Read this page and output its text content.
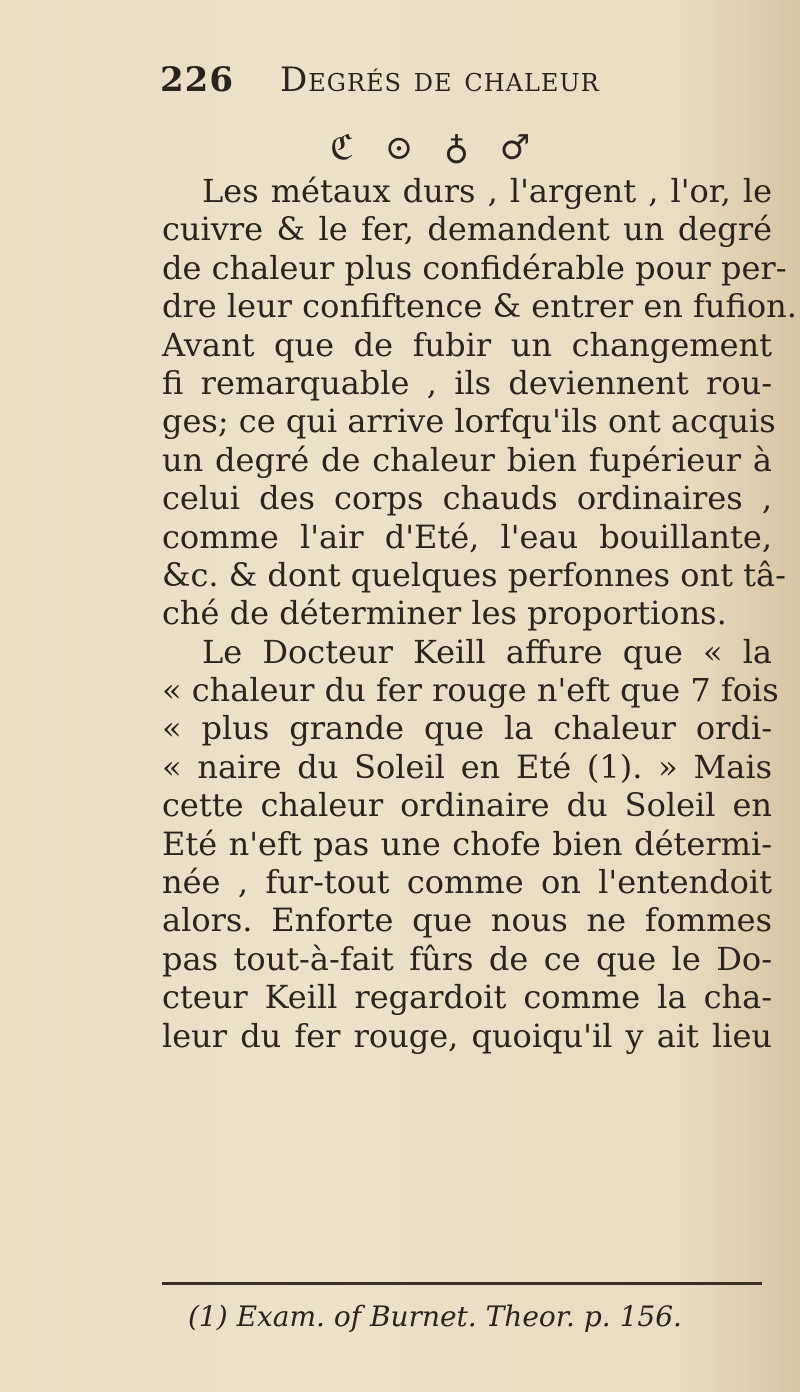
226 Degrés de chaleur
ℭ ⊙ ♁ ♂
Les métaux durs , l'argent , l'or, le
cuivre & le fer, demandent un degré
de chaleur plus confidérable pour per-
dre leur confiftence & entrer en fufion.
Avant que de fubir un changement
fi remarquable , ils deviennent rou-
ges; ce qui arrive lorfqu'ils ont acquis
un degré de chaleur bien fupérieur à
celui des corps chauds ordinaires ,
comme l'air d'Eté, l'eau bouillante,
&c. & dont quelques perfonnes ont tâ-
ché de déterminer les proportions.
Le Docteur Keill affure que « la
« chaleur du fer rouge n'eft que 7 fois
« plus grande que la chaleur ordi-
« naire du Soleil en Eté (1). » Mais
cette chaleur ordinaire du Soleil en
Eté n'eft pas une chofe bien détermi-
née , fur-tout comme on l'entendoit
alors. Enforte que nous ne fommes
pas tout-à-fait fûrs de ce que le Do-
cteur Keill regardoit comme la cha-
leur du fer rouge, quoiqu'il y ait lieu
(1) Exam. of Burnet. Theor. p. 156.
